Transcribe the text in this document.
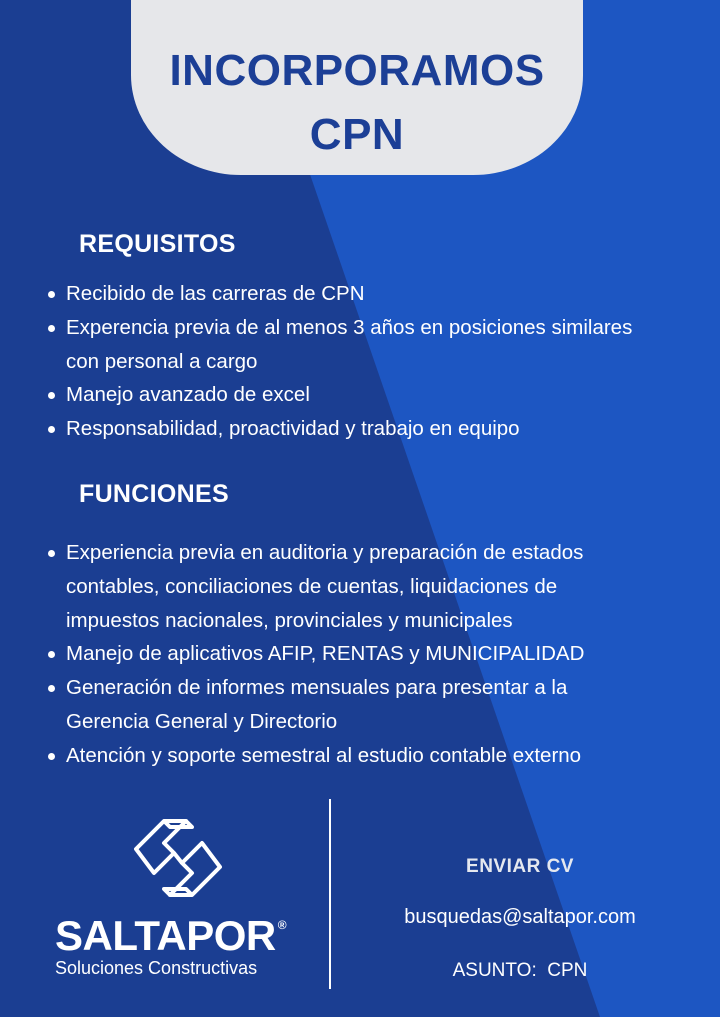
INCORPORAMOS
CPN
REQUISITOS
Recibido de las carreras de CPN
Experencia previa de al menos 3 años en posiciones similares
con personal a cargo
Manejo avanzado de excel
Responsabilidad, proactividad y trabajo en equipo
FUNCIONES
Experiencia previa en auditoria y preparación de estados
contables, conciliaciones de cuentas, liquidaciones de
impuestos nacionales, provinciales y municipales
Manejo de aplicativos AFIP, RENTAS y MUNICIPALIDAD
Generación de informes mensuales para presentar a la
Gerencia General y Directorio
Atención y soporte semestral al estudio contable externo
SALTAPOR ®
Soluciones Constructivas
ENVIAR CV
busquedas@saltapor.com
ASUNTO:  CPN
